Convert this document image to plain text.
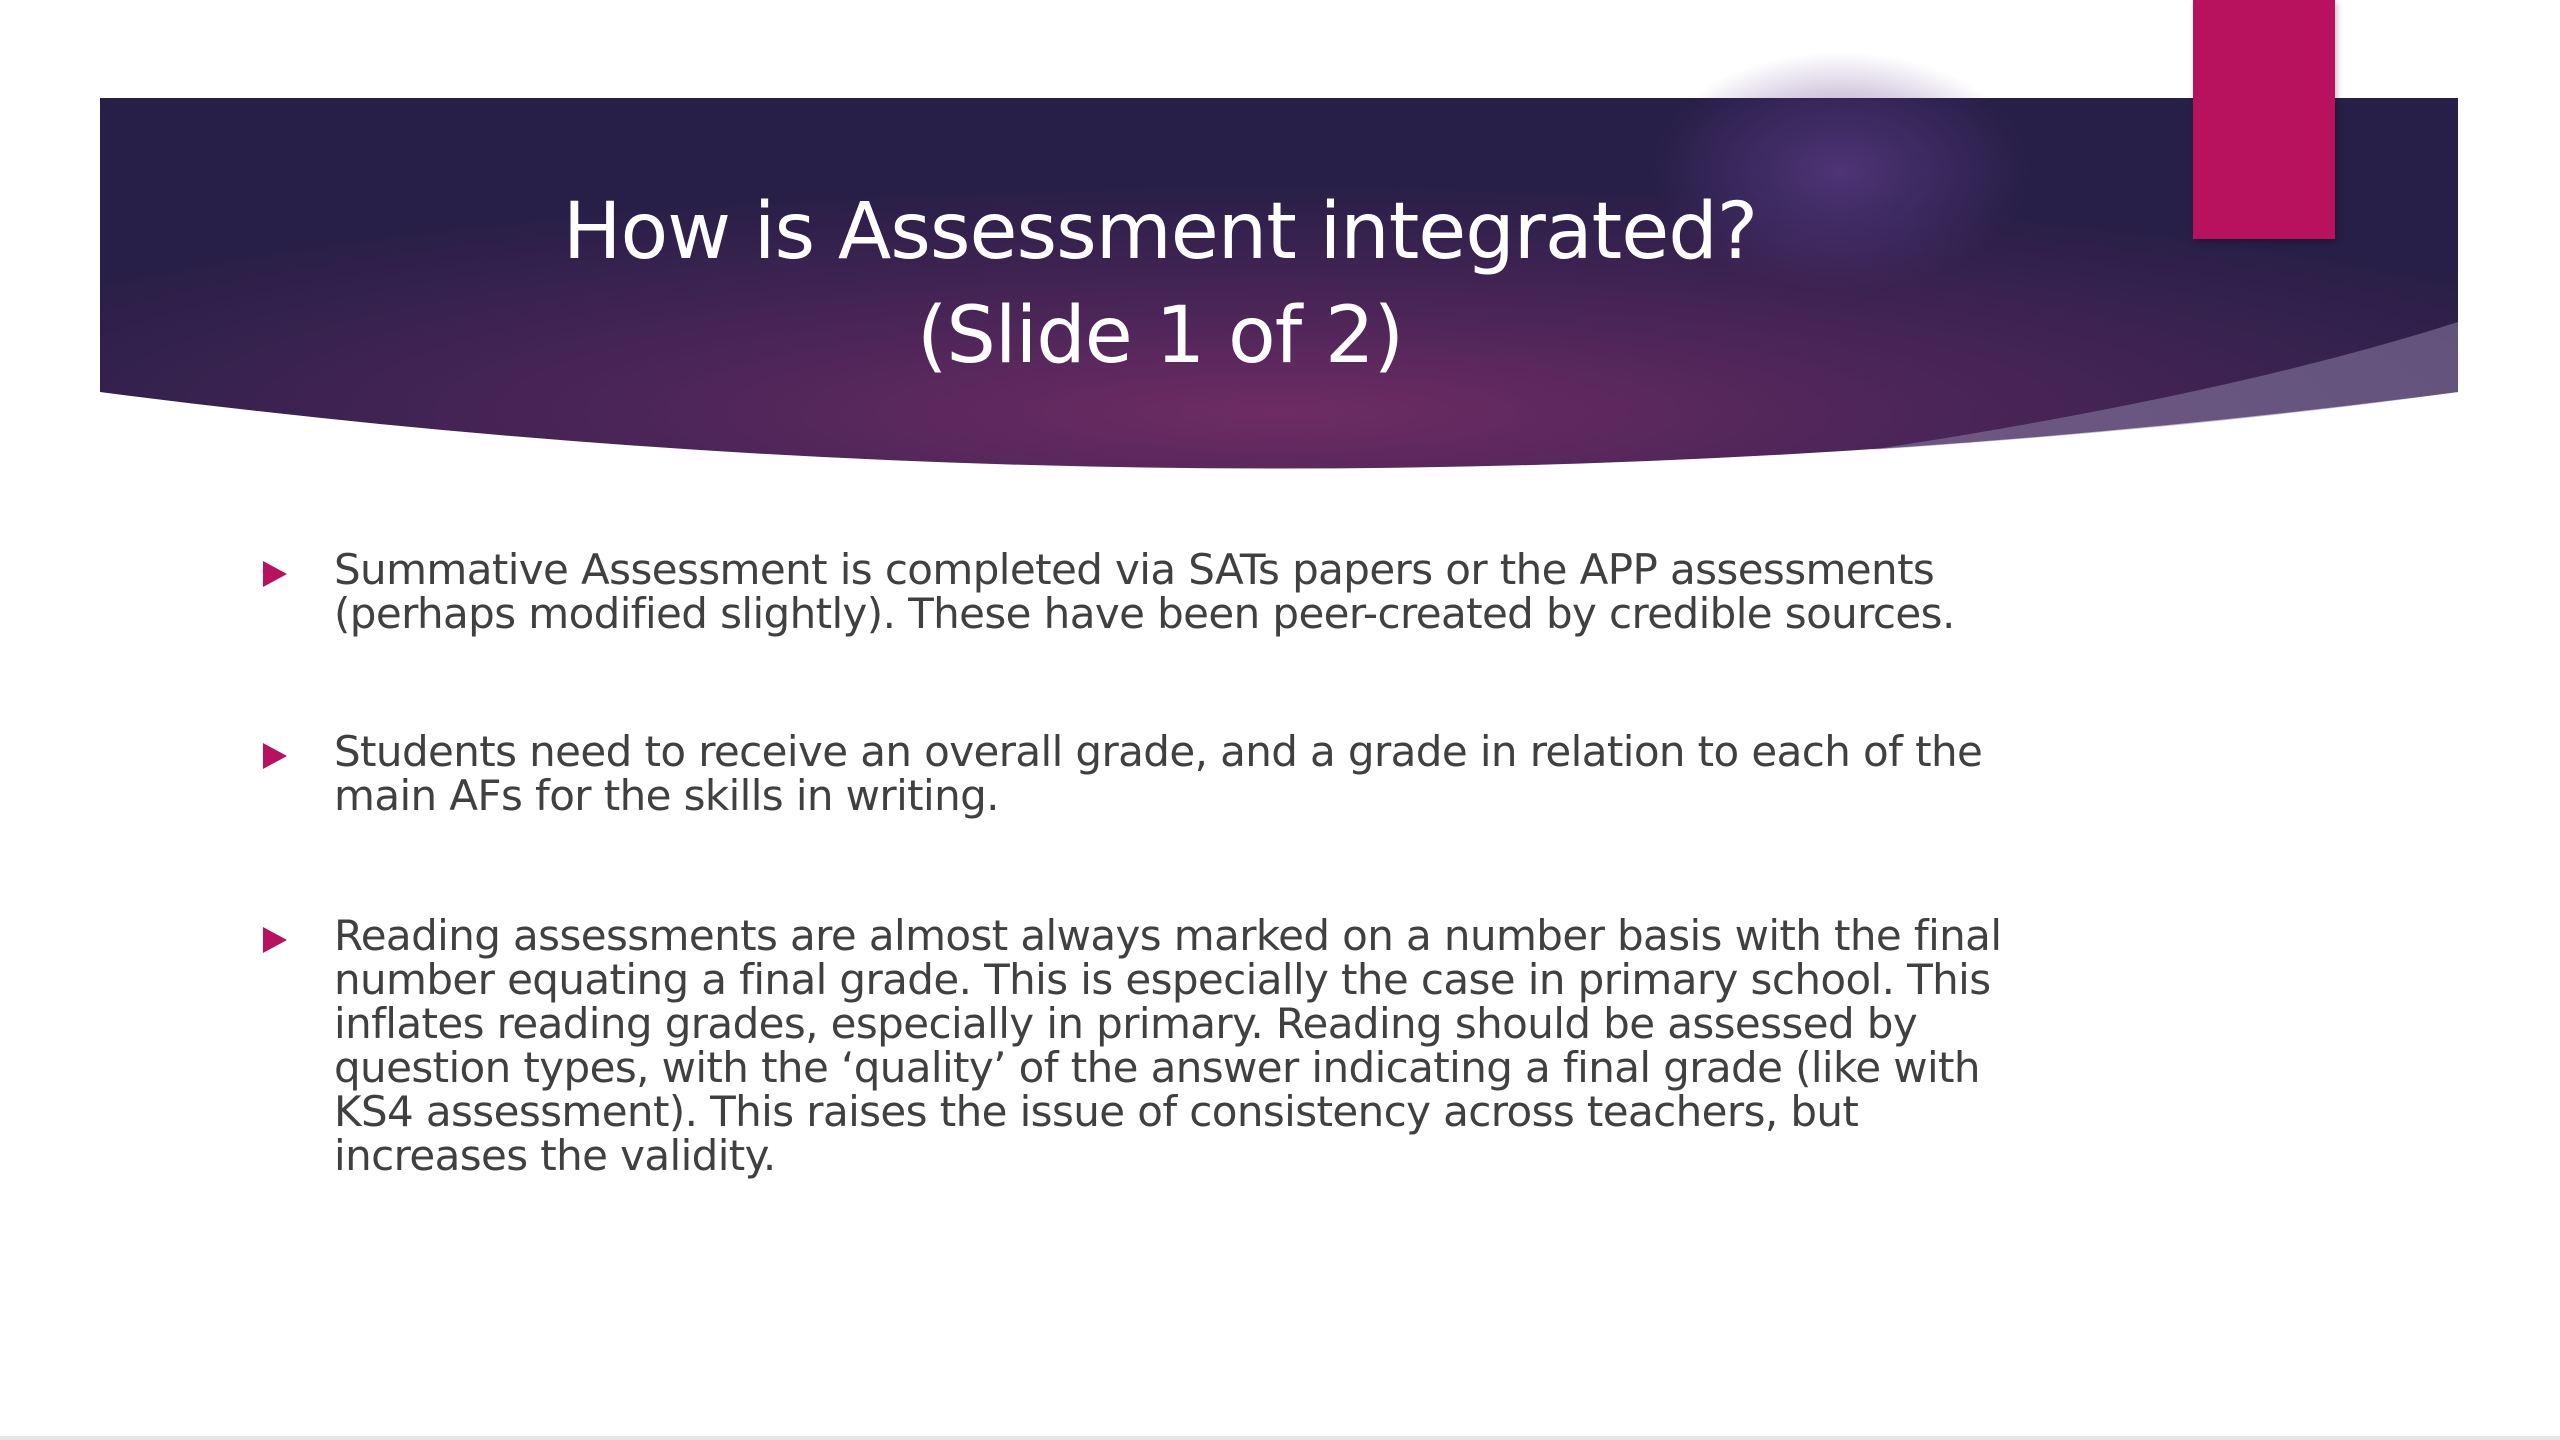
How is Assessment integrated?
(Slide 1 of 2)
Summative Assessment is completed via SATs papers or the APP assessments (perhaps modified slightly). These have been peer-created by credible sources.
Students need to receive an overall grade, and a grade in relation to each of the main AFs for the skills in writing.
Reading assessments are almost always marked on a number basis with the final number equating a final grade. This is especially the case in primary school. This inflates reading grades, especially in primary. Reading should be assessed by question types, with the ‘quality’ of the answer indicating a final grade (like with KS4 assessment). This raises the issue of consistency across teachers, but increases the validity.
